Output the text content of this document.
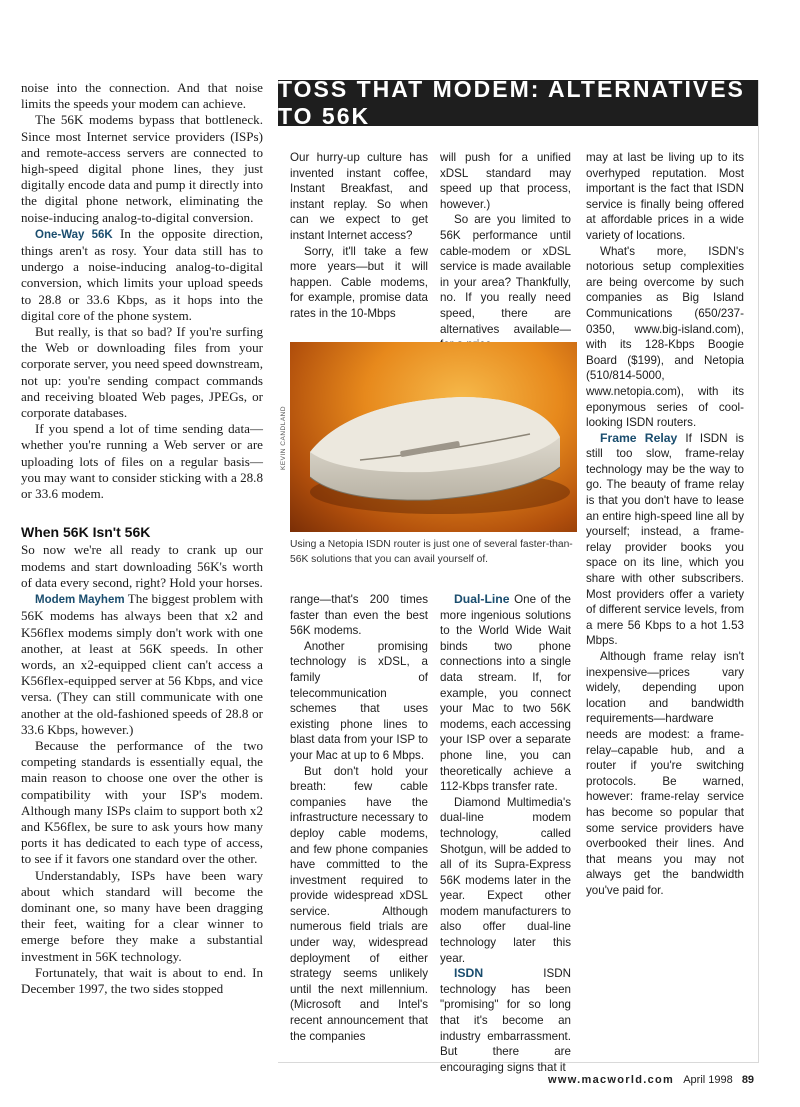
noise into the connection. And that noise limits the speeds your modem can achieve.

The 56K modems bypass that bottleneck. Since most Internet service providers (ISPs) and remote-access servers are connected to high-speed digital phone lines, they just digitally encode data and pump it directly into the digital phone network, eliminating the noise-inducing analog-to-digital conversion.

One-Way 56K In the opposite direction, things aren't as rosy. Your data still has to undergo a noise-inducing analog-to-digital conversion, which limits your upload speeds to 28.8 or 33.6 Kbps, as it hops into the digital core of the phone system.

But really, is that so bad? If you're surfing the Web or downloading files from your corporate server, you need speed downstream, not up: you're sending compact commands and receiving bloated Web pages, JPEGs, or corporate databases.

If you spend a lot of time sending data—whether you're running a Web server or are uploading lots of files on a regular basis—you may want to consider sticking with a 28.8 or 33.6 modem.

When 56K Isn't 56K

So now we're all ready to crank up our modems and start downloading 56K's worth of data every second, right? Hold your horses.

Modem Mayhem The biggest problem with 56K modems has always been that x2 and K56flex modems simply don't work with one another, at least at 56K speeds. In other words, an x2-equipped client can't access a K56flex-equipped server at 56 Kbps, and vice versa. (They can still communicate with one another at the old-fashioned speeds of 28.8 or 33.6 Kbps, however.)

Because the performance of the two competing standards is essentially equal, the main reason to choose one over the other is compatibility with your ISP's modem. Although many ISPs claim to support both x2 and K56flex, be sure to ask yours how many ports it has dedicated to each type of access, to see if it favors one standard over the other.

Understandably, ISPs have been wary about which standard will become the dominant one, so many have been dragging their feet, waiting for a clear winner to emerge before they make a substantial investment in 56K technology.

Fortunately, that wait is about to end. In December 1997, the two sides stopped

TOSS THAT MODEM: ALTERNATIVES TO 56K

Our hurry-up culture has invented instant coffee, Instant Breakfast, and instant replay. So when can we expect to get instant Internet access?

Sorry, it'll take a few more years—but it will happen. Cable modems, for example, promise data rates in the 10-Mbps

will push for a unified xDSL standard may speed up that process, however.)

So are you limited to 56K performance until cable-modem or xDSL service is made available in your area? Thankfully, no. If you really need speed, there are alternatives available—

KEVIN CANDLAND
Using a Netopia ISDN router is just one of several faster-than-56K solutions that you can avail yourself of.

range—that's 200 times faster than even the best 56K modems.

Another promising technology is xDSL, a family of telecommunication schemes that uses existing phone lines to blast data from your ISP to your Mac at up to 6 Mbps.

But don't hold your breath: few cable companies have the infrastructure necessary to deploy cable modems, and few phone companies have committed to the investment required to provide widespread xDSL service. Although numerous field trials are under way, widespread deployment of either strategy seems unlikely until the next millennium. (Microsoft and Intel's recent announcement that the companies

Dual-Line One of the more ingenious solutions to the World Wide Wait binds two phone connections into a single data stream. If, for example, you connect your Mac to two 56K modems, each accessing your ISP over a separate phone line, you can theoretically achieve a 112-Kbps transfer rate.

Diamond Multimedia's dual-line modem technology, called Shotgun, will be added to all of its Supra-Express 56K modems later in the year. Expect other modem manufacturers to also offer dual-line technology later this year.

ISDN	ISDN technology has been "promising" for so long that it's become an industry embarrassment. But there are encouraging signs that it

may at last be living up to its overhyped reputation. Most important is the fact that ISDN service is finally being offered at affordable prices in a wide variety of locations.

What's more, ISDN's notorious setup complexities are being overcome by such companies as Big Island Communications (650/237-0350, www.big-island.com), with its 128-Kbps Boogie Board ($199), and Netopia (510/814-5000, www.netopia.com), with its eponymous series of cool-looking ISDN routers.

Frame Relay If ISDN is still too slow, frame-relay technology may be the way to go. The beauty of frame relay is that you don't have to lease an entire high-speed line all by yourself; instead, a frame-relay provider books you space on its line, which you share with other subscribers. Most providers offer a variety of different service levels, from a mere 56 Kbps to a hot 1.53 Mbps.

Although frame relay isn't inexpensive—prices vary widely, depending upon location and bandwidth requirements—hardware needs are modest: a frame-relay–capable hub, and a router if you're switching protocols. Be warned, however: frame-relay service has become so popular that some service providers have overbooked their lines. And that means you may not always get the bandwidth you've paid for.

www.macworld.com April 1998 89
